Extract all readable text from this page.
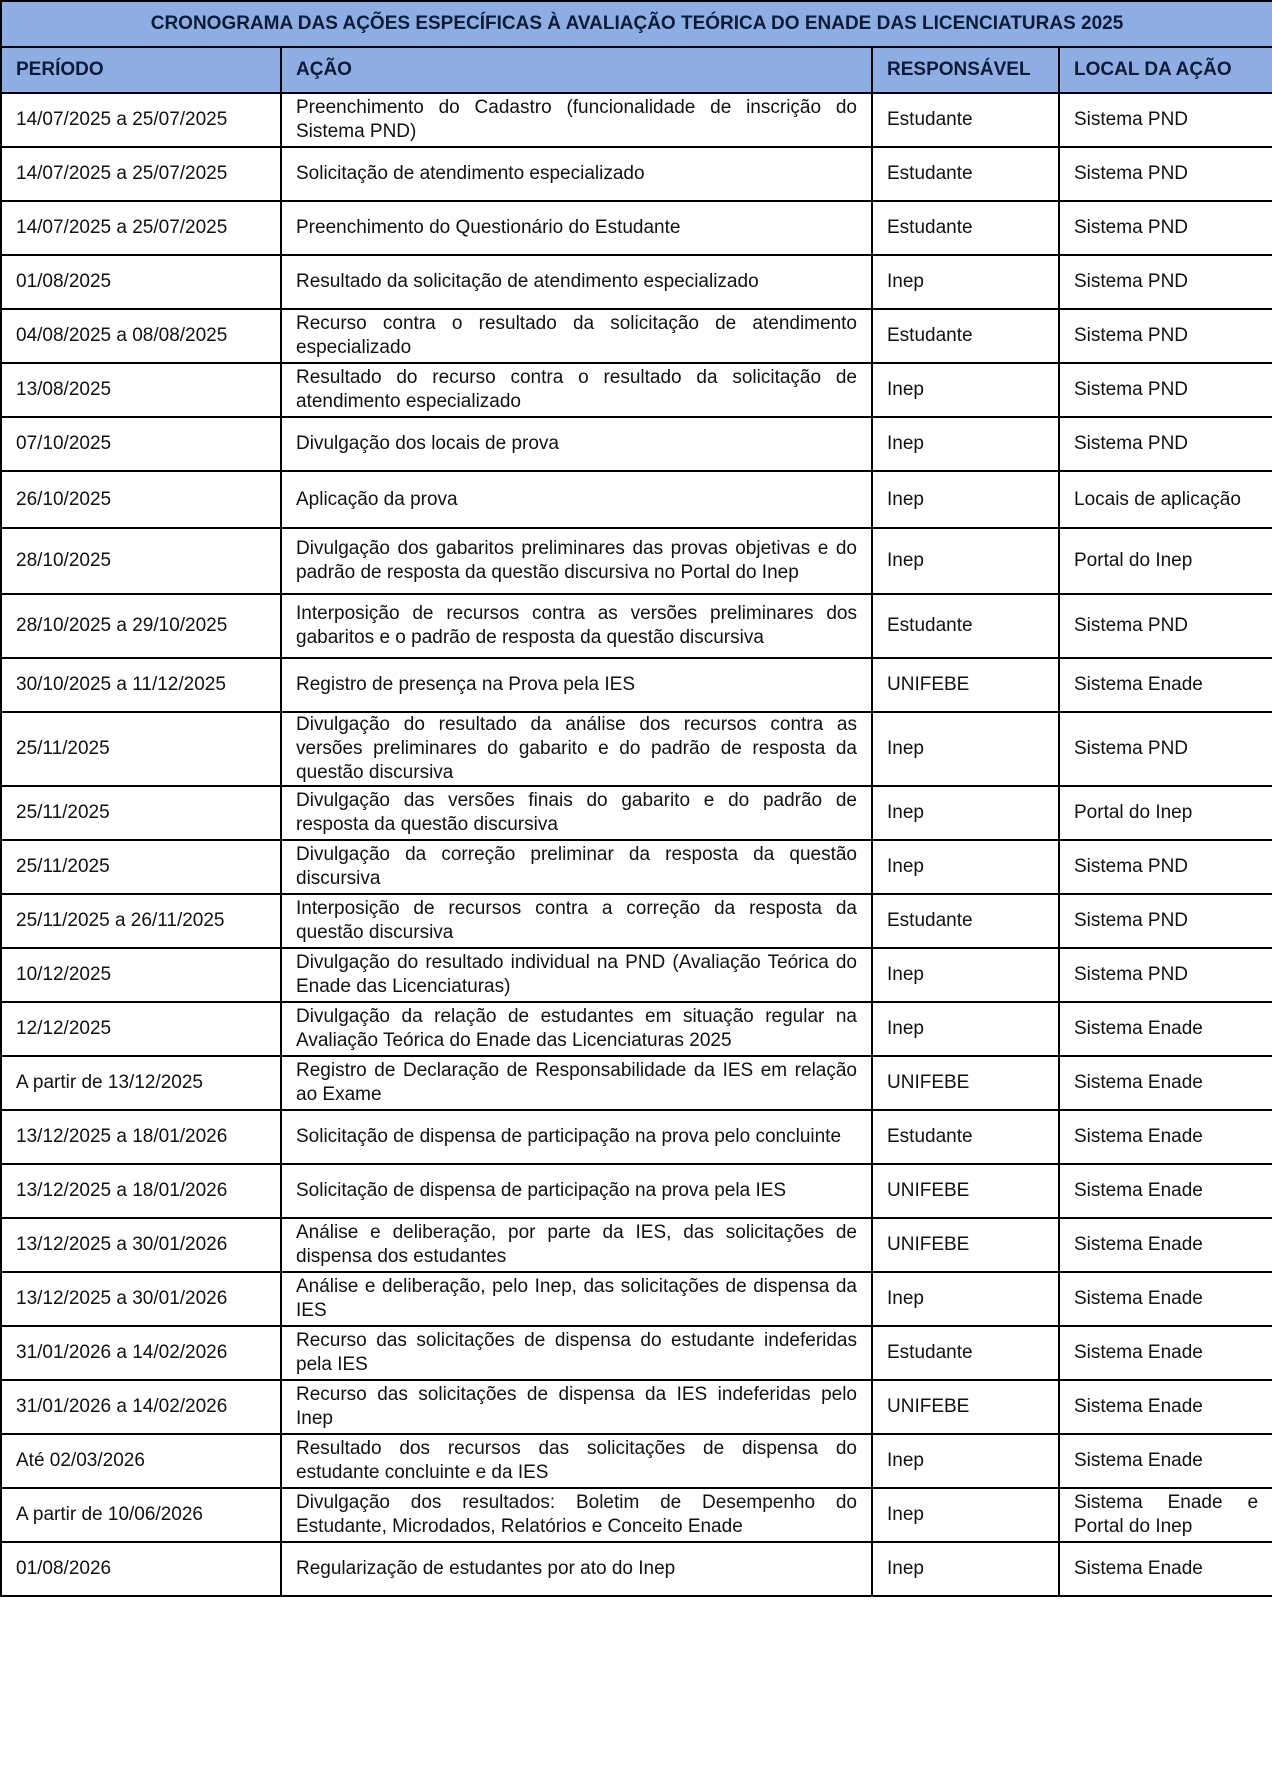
CRONOGRAMA DAS AÇÕES ESPECÍFICAS À AVALIAÇÃO TEÓRICA DO ENADE DAS LICENCIATURAS 2025			
PERÍODO	AÇÃO	RESPONSÁVEL	LOCAL DA AÇÃO
14/07/2025 a 25/07/2025	Preenchimento do Cadastro (funcionalidade de inscrição do Sistema PND)	Estudante	Sistema PND
14/07/2025 a 25/07/2025	Solicitação de atendimento especializado	Estudante	Sistema PND
14/07/2025 a 25/07/2025	Preenchimento do Questionário do Estudante	Estudante	Sistema PND
01/08/2025	Resultado da solicitação de atendimento especializado	Inep	Sistema PND
04/08/2025 a 08/08/2025	Recurso contra o resultado da solicitação de atendimento especializado	Estudante	Sistema PND
13/08/2025	Resultado do recurso contra o resultado da solicitação de atendimento especializado	Inep	Sistema PND
07/10/2025	Divulgação dos locais de prova	Inep	Sistema PND
26/10/2025	Aplicação da prova	Inep	Locais de aplicação
28/10/2025	Divulgação dos gabaritos preliminares das provas objetivas e do padrão de resposta da questão discursiva no Portal do Inep	Inep	Portal do Inep
28/10/2025 a 29/10/2025	Interposição de recursos contra as versões preliminares dos gabaritos e o padrão de resposta da questão discursiva	Estudante	Sistema PND
30/10/2025 a 11/12/2025	Registro de presença na Prova pela IES	UNIFEBE	Sistema Enade
25/11/2025	Divulgação do resultado da análise dos recursos contra as versões preliminares do gabarito e do padrão de resposta da questão discursiva	Inep	Sistema PND
25/11/2025	Divulgação das versões finais do gabarito e do padrão de resposta da questão discursiva	Inep	Portal do Inep
25/11/2025	Divulgação da correção preliminar da resposta da questão discursiva	Inep	Sistema PND
25/11/2025 a 26/11/2025	Interposição de recursos contra a correção da resposta da questão discursiva	Estudante	Sistema PND
10/12/2025	Divulgação do resultado individual na PND (Avaliação Teórica do Enade das Licenciaturas)	Inep	Sistema PND
12/12/2025	Divulgação da relação de estudantes em situação regular na Avaliação Teórica do Enade das Licenciaturas 2025	Inep	Sistema Enade
A partir de 13/12/2025	Registro de Declaração de Responsabilidade da IES em relação ao Exame	UNIFEBE	Sistema Enade
13/12/2025 a 18/01/2026	Solicitação de dispensa de participação na prova pelo concluinte	Estudante	Sistema Enade
13/12/2025 a 18/01/2026	Solicitação de dispensa de participação na prova pela IES	UNIFEBE	Sistema Enade
13/12/2025 a 30/01/2026	Análise e deliberação, por parte da IES, das solicitações de dispensa dos estudantes	UNIFEBE	Sistema Enade
13/12/2025 a 30/01/2026	Análise e deliberação, pelo Inep, das solicitações de dispensa da IES	Inep	Sistema Enade
31/01/2026 a 14/02/2026	Recurso das solicitações de dispensa do estudante indeferidas pela IES	Estudante	Sistema Enade
31/01/2026 a 14/02/2026	Recurso das solicitações de dispensa da IES indeferidas pelo Inep	UNIFEBE	Sistema Enade
Até 02/03/2026	Resultado dos recursos das solicitações de dispensa do estudante concluinte e da IES	Inep	Sistema Enade
A partir de 10/06/2026	Divulgação dos resultados: Boletim de Desempenho do Estudante, Microdados, Relatórios e Conceito Enade	Inep	Sistema Enade e Portal do Inep
01/08/2026	Regularização de estudantes por ato do Inep	Inep	Sistema Enade
